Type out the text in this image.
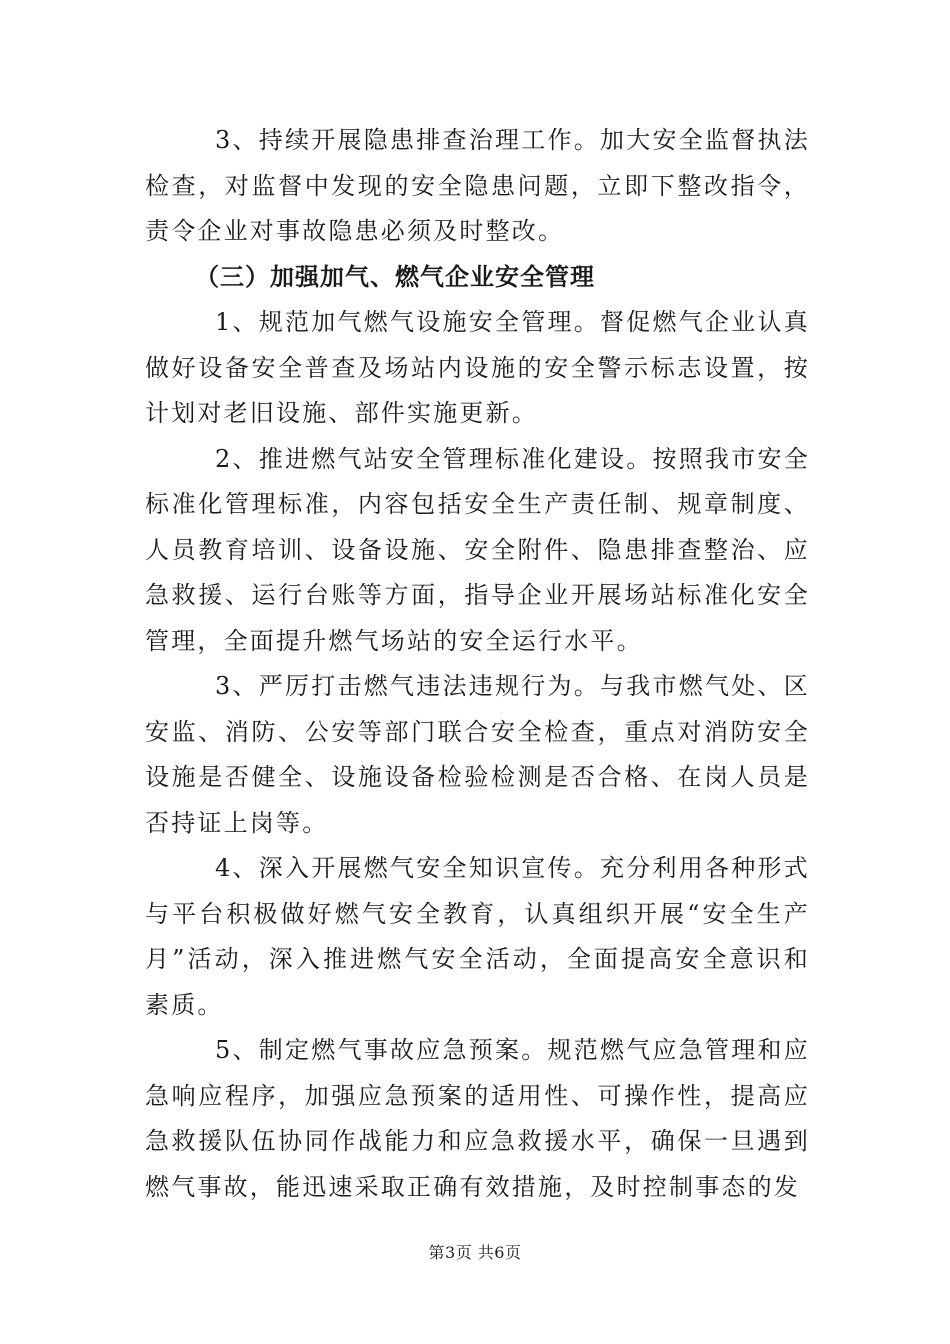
3、持续开展隐患排查治理工作。加大安全监督执法检查，对监督中发现的安全隐患问题，立即下整改指令，责令企业对事故隐患必须及时整改。

（三）加强加气、燃气企业安全管理

1、规范加气燃气设施安全管理。督促燃气企业认真做好设备安全普查及场站内设施的安全警示标志设置，按计划对老旧设施、部件实施更新。

2、推进燃气站安全管理标准化建设。按照我市安全标准化管理标准，内容包括安全生产责任制、规章制度、人员教育培训、设备设施、安全附件、隐患排查整治、应急救援、运行台账等方面，指导企业开展场站标准化安全管理，全面提升燃气场站的安全运行水平。

3、严厉打击燃气违法违规行为。与我市燃气处、区安监、消防、公安等部门联合安全检查，重点对消防安全设施是否健全、设施设备检验检测是否合格、在岗人员是否持证上岗等。

4、深入开展燃气安全知识宣传。充分利用各种形式与平台积极做好燃气安全教育，认真组织开展“安全生产月”活动，深入推进燃气安全活动，全面提高安全意识和素质。

5、制定燃气事故应急预案。规范燃气应急管理和应急响应程序，加强应急预案的适用性、可操作性，提高应急救援队伍协同作战能力和应急救援水平，确保一旦遇到燃气事故，能迅速采取正确有效措施，及时控制事态的发

第3页 共6页
